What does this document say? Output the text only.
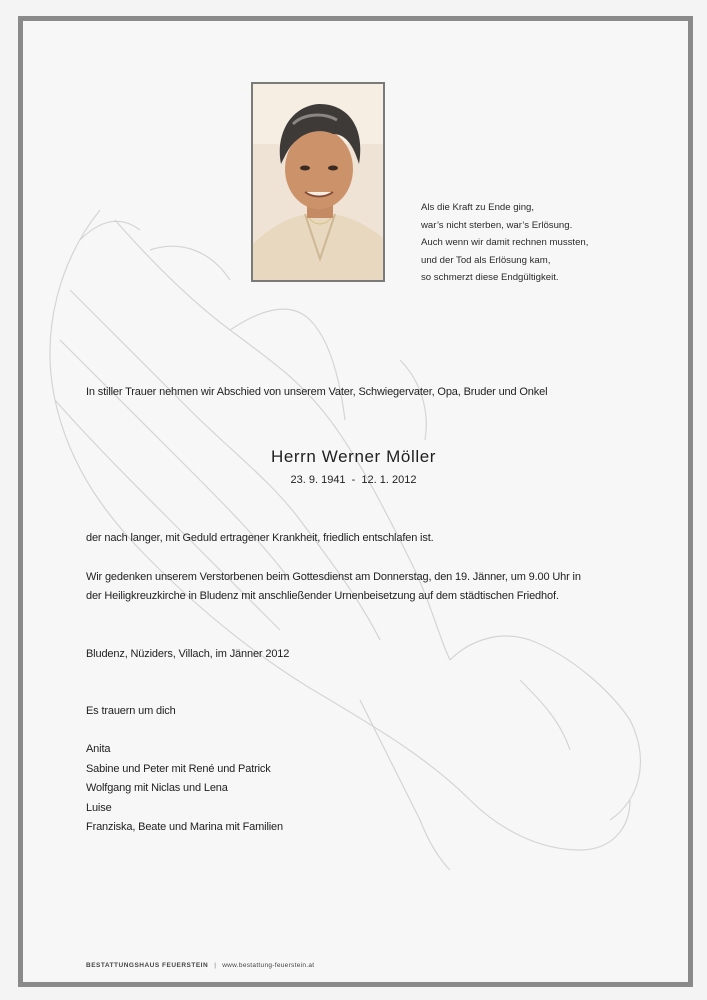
Als die Kraft zu Ende ging,
war’s nicht sterben, war’s Erlösung.
Auch wenn wir damit rechnen mussten,
und der Tod als Erlösung kam,
so schmerzt diese Endgültigkeit.
In stiller Trauer nehmen wir Abschied von unserem Vater, Schwiegervater, Opa, Bruder und Onkel
Herrn Werner Möller
23. 9. 1941  -  12. 1. 2012
der nach langer, mit Geduld ertragener Krankheit, friedlich entschlafen ist.
Wir gedenken unserem Verstorbenen beim Gottesdienst am Donnerstag, den 19. Jänner, um 9.00 Uhr in
der Heiligkreuzkirche in Bludenz mit anschließender Urnenbeisetzung auf dem städtischen Friedhof.
Bludenz, Nüziders, Villach, im Jänner 2012
Es trauern um dich
Anita
Sabine und Peter mit René und Patrick
Wolfgang mit Niclas und Lena
Luise
Franziska, Beate und Marina mit Familien
BESTATTUNGSHAUS FEUERSTEIN | www.bestattung-feuerstein.at
